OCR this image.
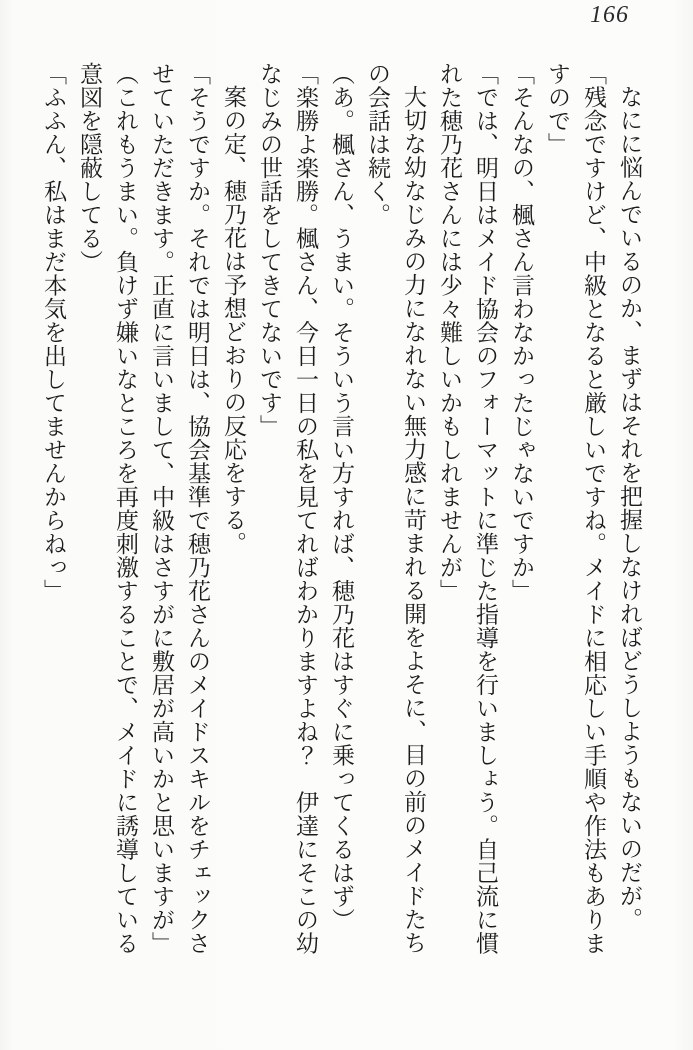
166

なにに悩んでいるのか、まずはそれを把握しなければどうしようもないのだが。

「残念ですけど、中級となると厳しいですね。メイドに相応しい手順や作法もありま

すので」

「そんなの、楓さん言わなかったじゃないですか」

「では、明日はメイド協会のフォーマットに準じた指導を行いましょう。自己流に慣

れた穂乃花さんには少々難しいかもしれませんが」

大切な幼なじみの力になれない無力感に苛まれる開をよそに、目の前のメイドたち

の会話は続く。

（あ。楓さん、うまい。そういう言い方すれば、穂乃花はすぐに乗ってくるはず）

「楽勝よ楽勝。楓さん、今日一日の私を見てればわかりますよね？　伊達にそこの幼

なじみの世話をしてきてないです」

案の定、穂乃花は予想どおりの反応をする。

「そうですか。それでは明日は、協会基準で穂乃花さんのメイドスキルをチェックさ

せていただきます。正直に言いまして、中級はさすがに敷居が高いかと思いますが」

（これもうまい。負けず嫌いなところを再度刺激することで、メイドに誘導している

意図を隠蔽してる）

「ふふん、私はまだ本気を出してませんからねっ」
